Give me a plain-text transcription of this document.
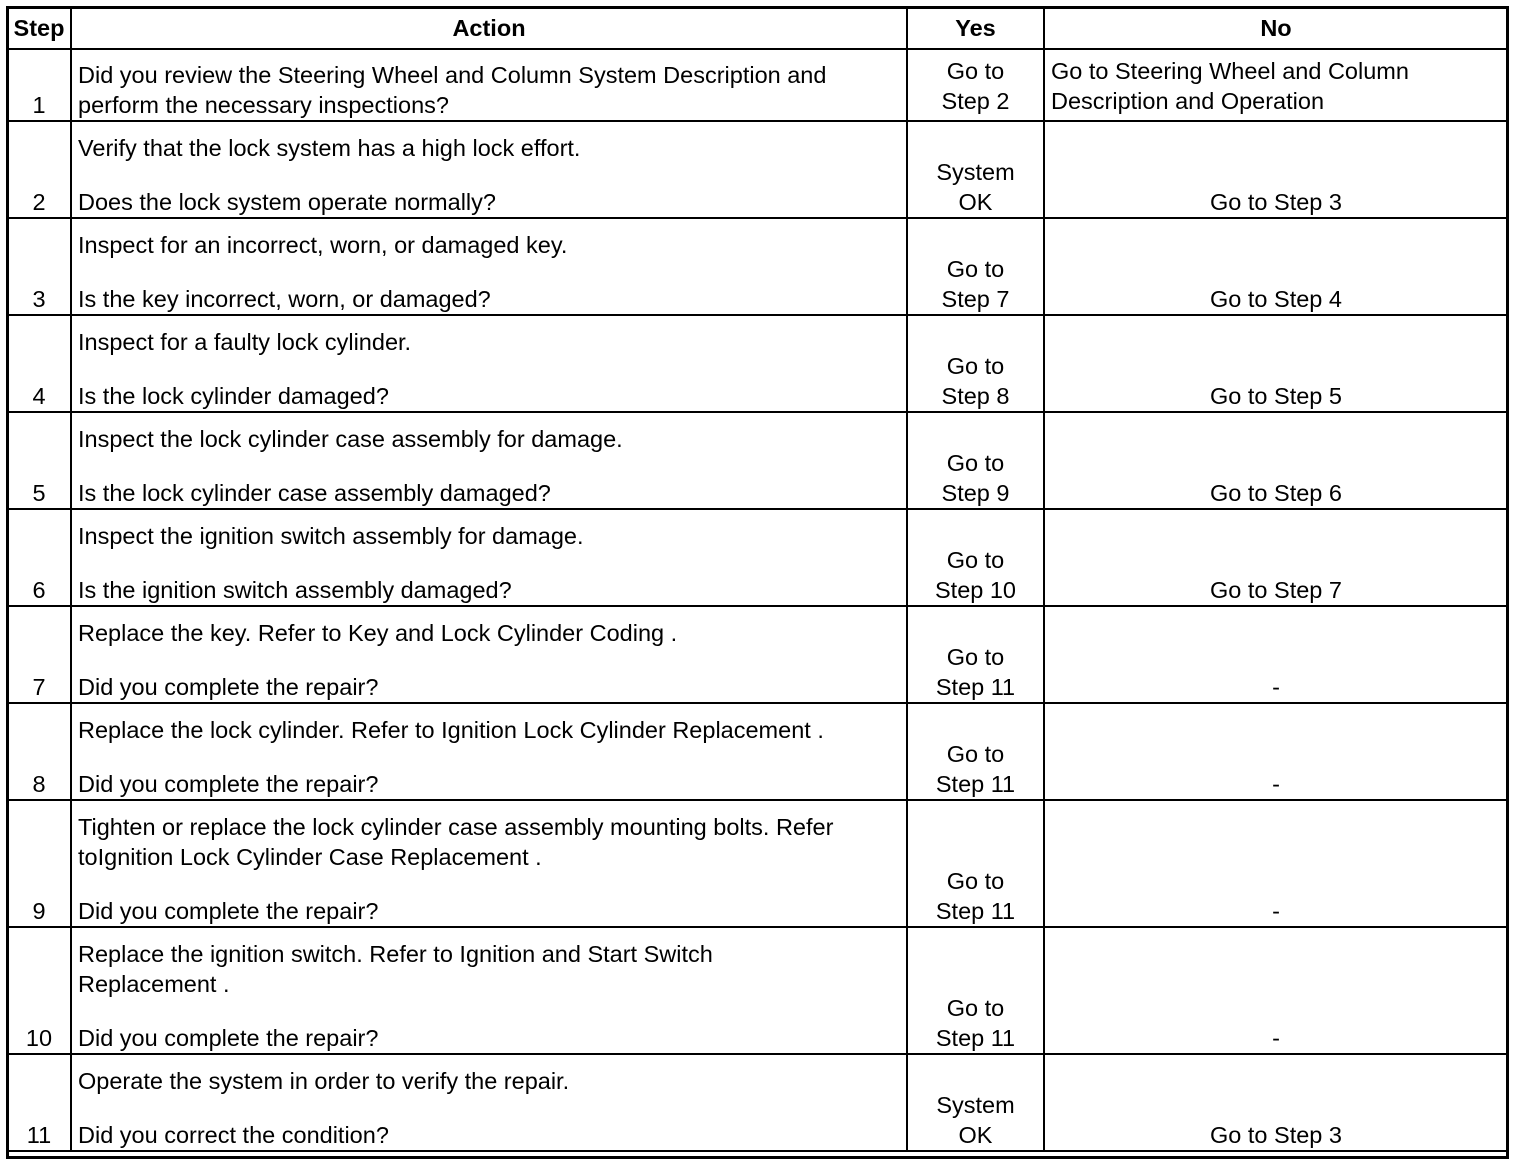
Step	Action	Yes	No
1	Did you review the Steering Wheel and Column System Description and
perform the necessary inspections?	Go to
Step 2	Go to Steering Wheel and Column
Description and Operation

2	Verify that the lock system has a high lock effort.
Does the lock system operate normally?	System
OK	Go to Step 3

3	Inspect for an incorrect, worn, or damaged key.
Is the key incorrect, worn, or damaged?	Go to
Step 7	Go to Step 4

4	Inspect for a faulty lock cylinder.
Is the lock cylinder damaged?	Go to
Step 8	Go to Step 5

5	Inspect the lock cylinder case assembly for damage.
Is the lock cylinder case assembly damaged?	Go to
Step 9	Go to Step 6

6	Inspect the ignition switch assembly for damage.
Is the ignition switch assembly damaged?	Go to
Step 10	Go to Step 7

7	Replace the key. Refer to Key and Lock Cylinder Coding .
Did you complete the repair?	Go to
Step 11	-

8	Replace the lock cylinder. Refer to Ignition Lock Cylinder Replacement .
Did you complete the repair?	Go to
Step 11	-

9	Tighten or replace the lock cylinder case assembly mounting bolts. Refer
toIgnition Lock Cylinder Case Replacement .
Did you complete the repair?	Go to
Step 11	-

10	Replace the ignition switch. Refer to Ignition and Start Switch
Replacement .
Did you complete the repair?	Go to
Step 11	-

11	Operate the system in order to verify the repair.
Did you correct the condition?	System
OK	Go to Step 3
